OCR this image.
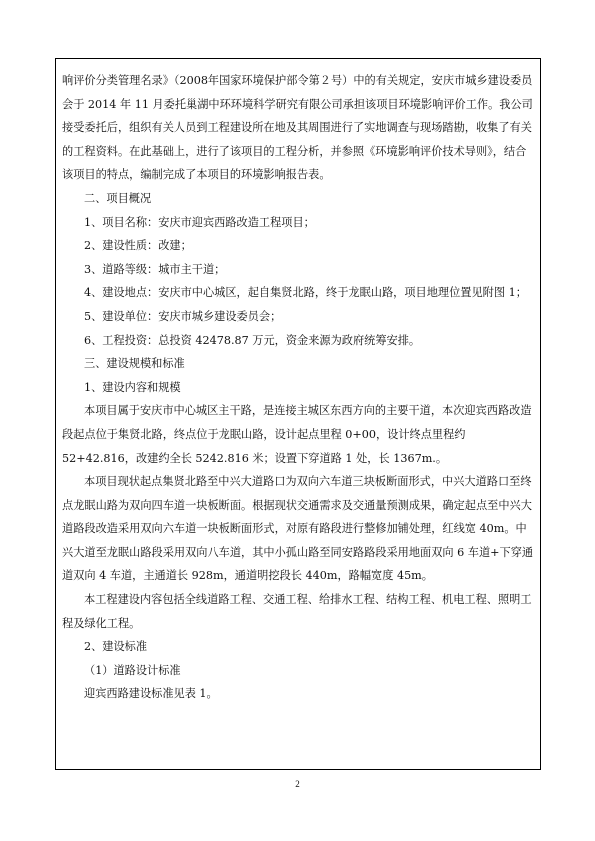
响评价分类管理名录》（2008年国家环境保护部令第２号）中的有关规定，安庆市城乡建设委员会于 2014 年 11 月委托巢湖中环环境科学研究有限公司承担该项目环境影响评价工作。我公司接受委托后，组织有关人员到工程建设所在地及其周围进行了实地调查与现场踏勘，收集了有关的工程资料。在此基础上，进行了该项目的工程分析，并参照《环境影响评价技术导则》，结合该项目的特点，编制完成了本项目的环境影响报告表。

二、项目概况

1、项目名称：安庆市迎宾西路改造工程项目；

2、建设性质：改建；

3、道路等级：城市主干道；

4、建设地点：安庆市中心城区，起自集贤北路，终于龙眠山路，项目地理位置见附图 1；

5、建设单位：安庆市城乡建设委员会；

6、工程投资：总投资 42478.87 万元，资金来源为政府统筹安排。

三、建设规模和标准

1、建设内容和规模

本项目属于安庆市中心城区主干路，是连接主城区东西方向的主要干道，本次迎宾西路改造段起点位于集贤北路，终点位于龙眠山路，设计起点里程 0+00，设计终点里程约52+42.816，改建约全长 5242.816 米；设置下穿道路 1 处，长 1367m.。

本项目现状起点集贤北路至中兴大道路口为双向六车道三块板断面形式，中兴大道路口至终点龙眠山路为双向四车道一块板断面。根据现状交通需求及交通量预测成果，确定起点至中兴大道路段改造采用双向六车道一块板断面形式，对原有路段进行整修加铺处理，红线宽 40m。中兴大道至龙眠山路段采用双向八车道，其中小孤山路至同安路路段采用地面双向 6 车道+下穿通道双向 4 车道，主通道长 928m，通道明挖段长 440m，路幅宽度 45m。

本工程建设内容包括全线道路工程、交通工程、给排水工程、结构工程、机电工程、照明工程及绿化工程。

2、建设标准

（1）道路设计标准

迎宾西路建设标准见表 1。

2
